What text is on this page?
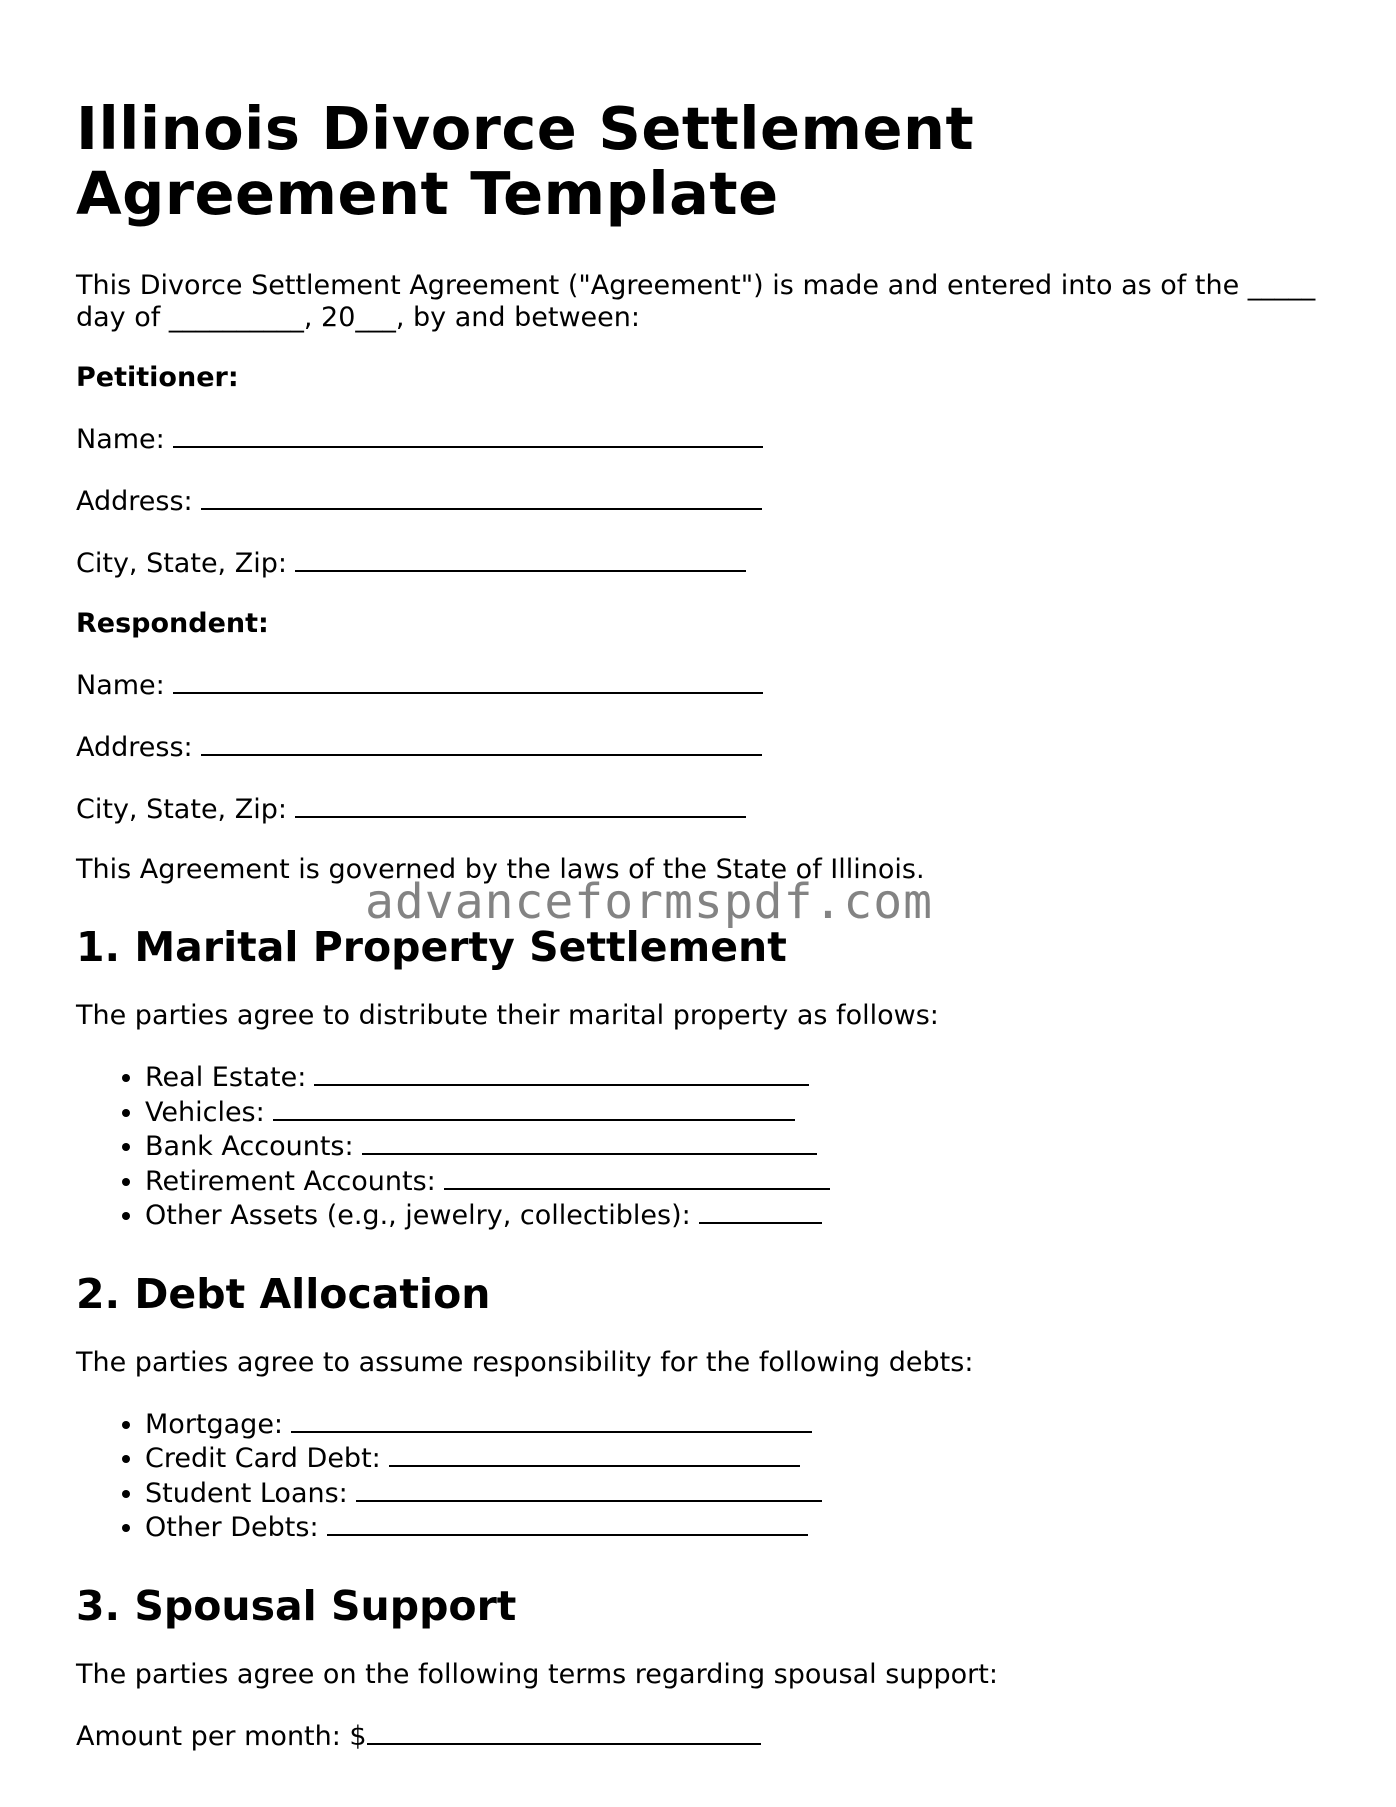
Illinois Divorce Settlement Agreement Template

This Divorce Settlement Agreement ("Agreement") is made and entered into as of the _____ day of __________, 20___, by and between:

Petitioner:

Name:

Address:

City, State, Zip:

Respondent:

Name:

Address:

City, State, Zip:

This Agreement is governed by the laws of the State of Illinois.

1. Marital Property Settlement

The parties agree to distribute their marital property as follows:

• Real Estate:
• Vehicles:
• Bank Accounts:
• Retirement Accounts:
• Other Assets (e.g., jewelry, collectibles):
2. Debt Allocation

The parties agree to assume responsibility for the following debts:

• Mortgage:
• Credit Card Debt:
• Student Loans:
• Other Debts:
3. Spousal Support

The parties agree on the following terms regarding spousal support:

Amount per month: $

advanceformspdf.com
